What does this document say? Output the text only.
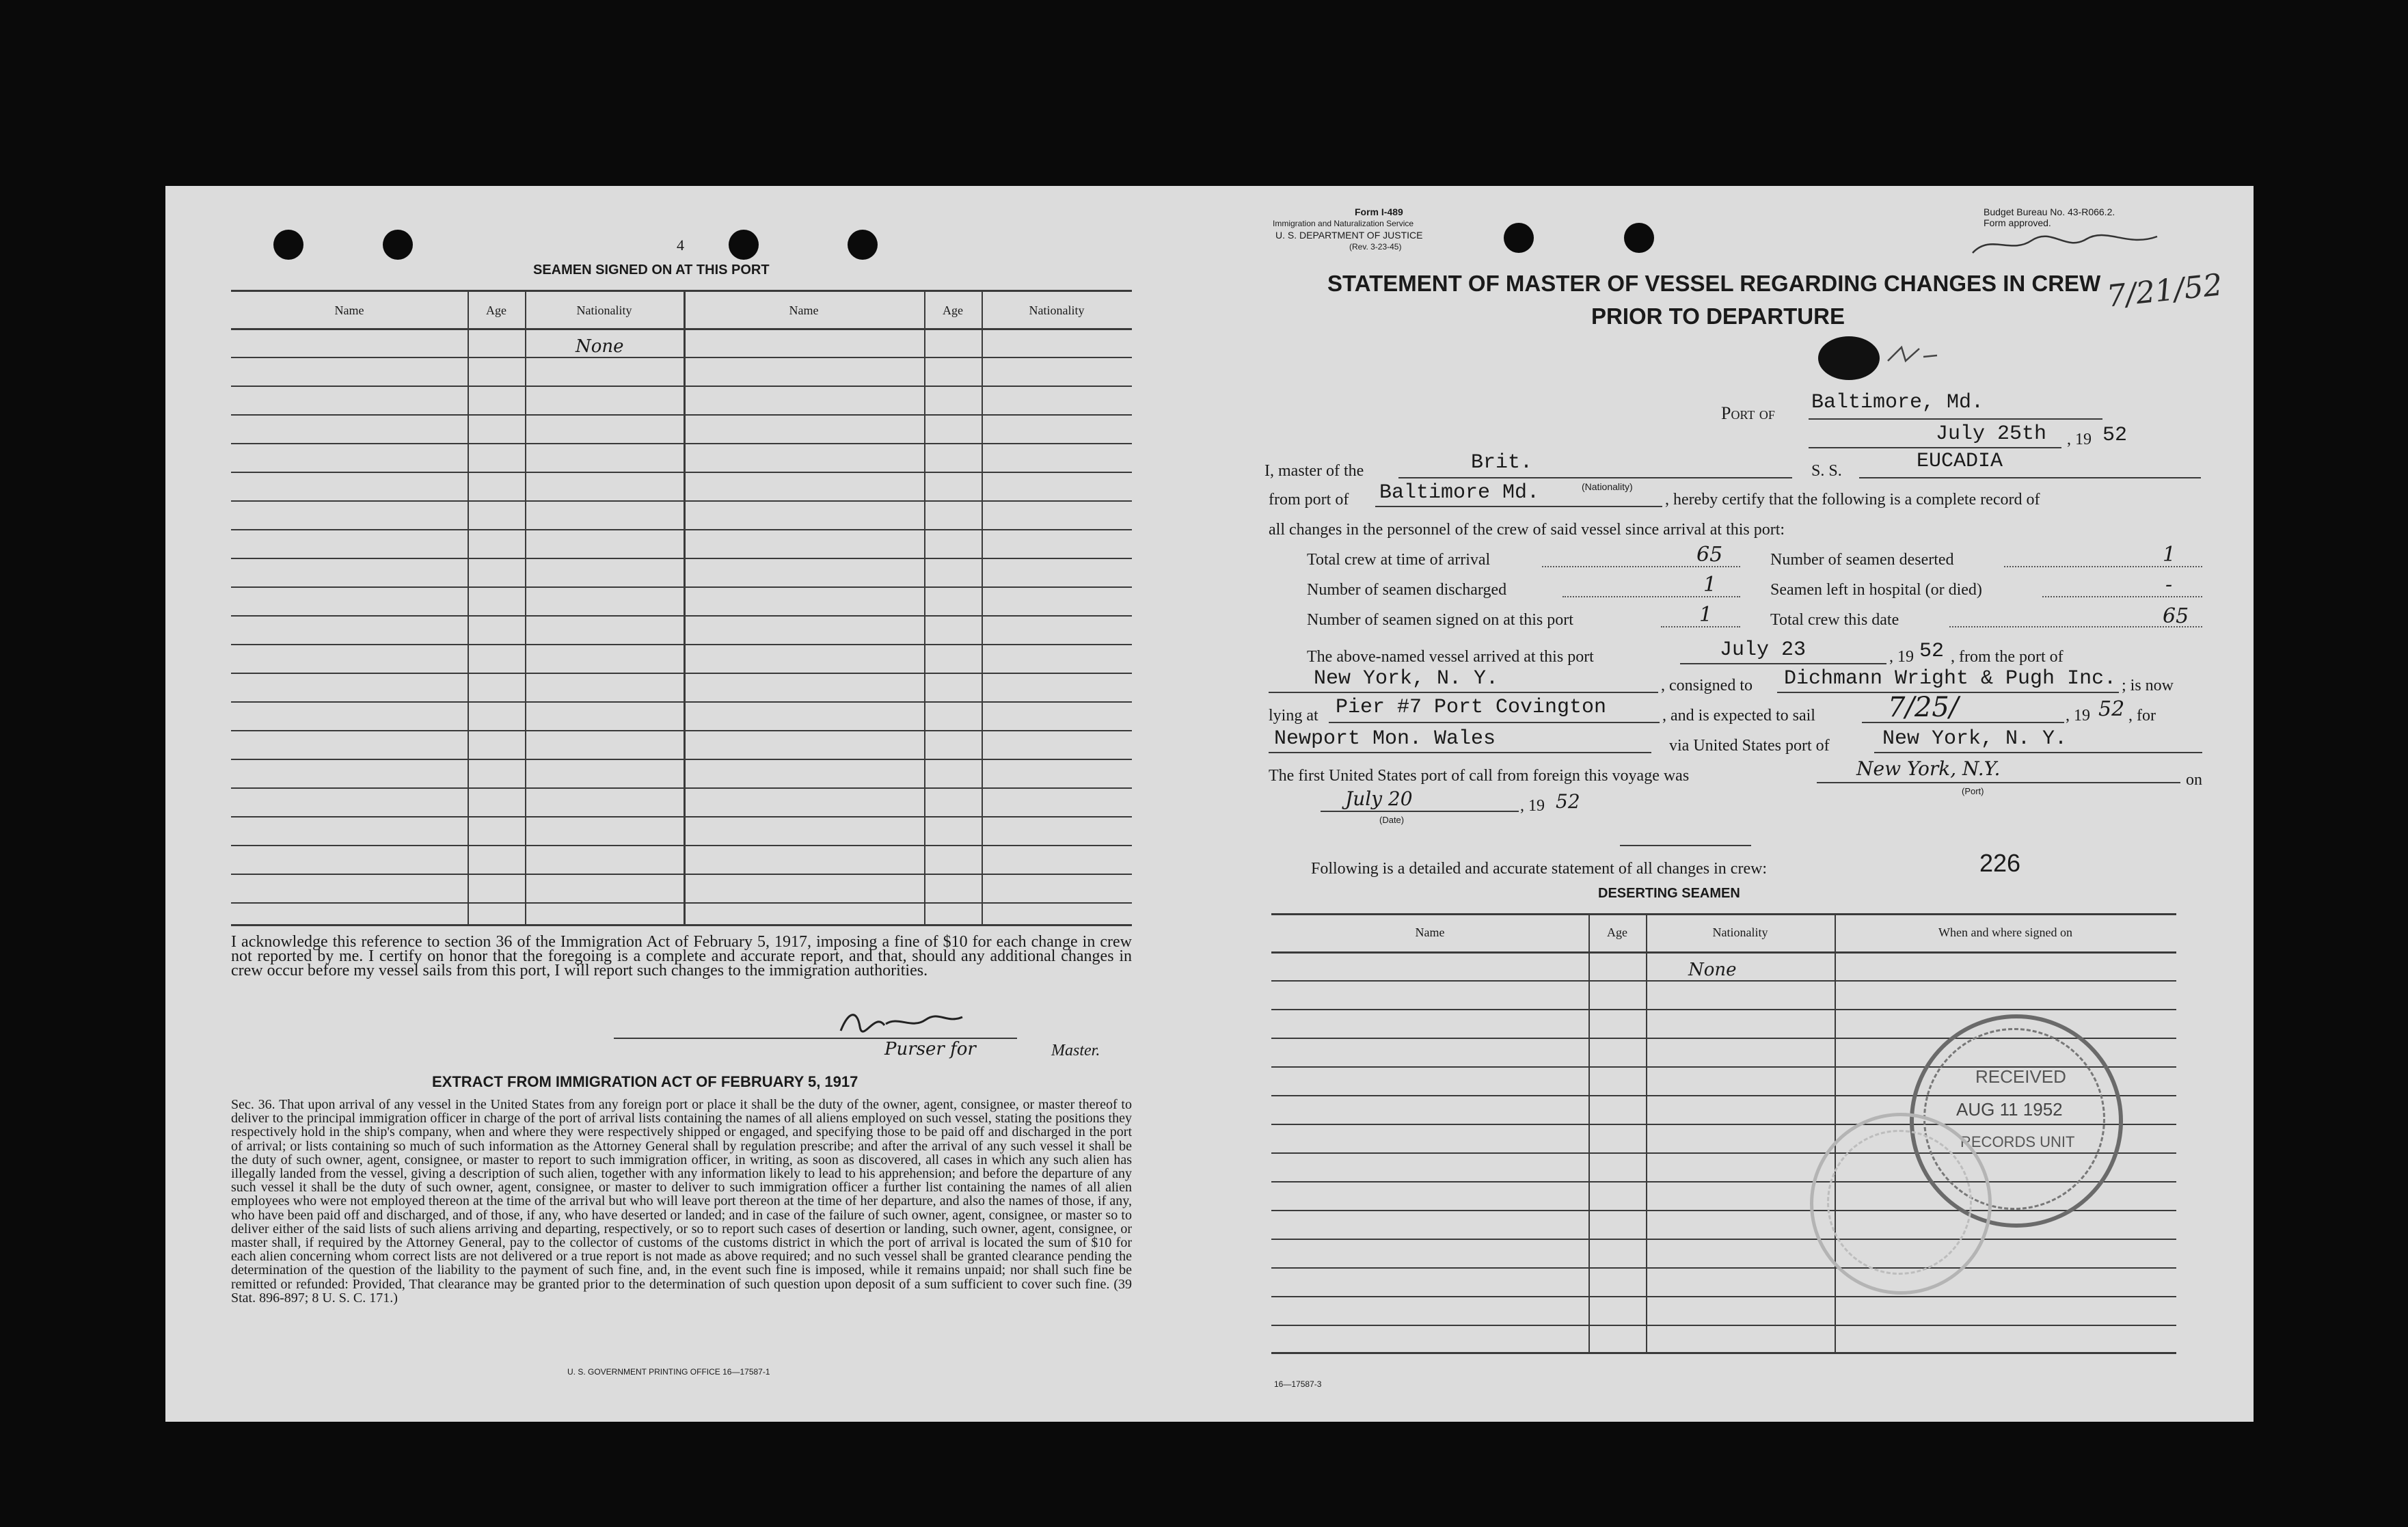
4
SEAMEN SIGNED ON AT THIS PORT
Name	Age	Nationality	Name	Age	Nationality
None
I acknowledge this reference to section 36 of the Immigration Act of February 5, 1917, imposing a fine of $10 for each change in crew not reported by me. I certify on honor that the foregoing is a complete and accurate report, and that, should any additional changes in crew occur before my vessel sails from this port, I will report such changes to the immigration authorities.
Purser for	Master.
EXTRACT FROM IMMIGRATION ACT OF FEBRUARY 5, 1917
Sec. 36. That upon arrival of any vessel in the United States from any foreign port or place it shall be the duty of the owner, agent, consignee, or master thereof to deliver to the principal immigration officer in charge of the port of arrival lists containing the names of all aliens employed on such vessel, stating the positions they respectively hold in the ship's company, when and where they were respectively shipped or engaged, and specifying those to be paid off and discharged in the port of arrival; or lists containing so much of such information as the Attorney General shall by regulation prescribe; and after the arrival of any such vessel it shall be the duty of such owner, agent, consignee, or master to report to such immigration officer, in writing, as soon as discovered, all cases in which any such alien has illegally landed from the vessel, giving a description of such alien, together with any information likely to lead to his apprehension; and before the departure of any such vessel it shall be the duty of such owner, agent, consignee, or master to deliver to such immigration officer a further list containing the names of all alien employees who were not employed thereon at the time of the arrival but who will leave port thereon at the time of her departure, and also the names of those, if any, who have been paid off and discharged, and of those, if any, who have deserted or landed; and in case of the failure of such owner, agent, consignee, or master so to deliver either of the said lists of such aliens arriving and departing, respectively, or so to report such cases of desertion or landing, such owner, agent, consignee, or master shall, if required by the Attorney General, pay to the collector of customs of the customs district in which the port of arrival is located the sum of $10 for each alien concerning whom correct lists are not delivered or a true report is not made as above required; and no such vessel shall be granted clearance pending the determination of the question of the liability to the payment of such fine, and, in the event such fine is imposed, while it remains unpaid; nor shall such fine be remitted or refunded: Provided, That clearance may be granted prior to the determination of such question upon deposit of a sum sufficient to cover such fine. (39 Stat. 896-897; 8 U. S. C. 171.)
U. S. GOVERNMENT PRINTING OFFICE 16—17587-1
Form I-489
Immigration and Naturalization Service
U. S. DEPARTMENT OF JUSTICE
(Rev. 3-23-45)
Budget Bureau No. 43-R066.2.
Form approved.
7/21/52
STATEMENT OF MASTER OF VESSEL REGARDING CHANGES IN CREW
PRIOR TO DEPARTURE
Port of Baltimore, Md.
July 25th , 19 52
I, master of the	Brit.
(Nationality)
S. S.	EUCADIA
from port of Baltimore Md.	, hereby certify that the following is a complete record of
all changes in the personnel of the crew of said vessel since arrival at this port:
Total crew at time of arrival	65	Number of seamen deserted	1
Number of seamen discharged	1	Seamen left in hospital (or died)	-
Number of seamen signed on at this port	1	Total crew this date	65
The above-named vessel arrived at this port	July 23	, 19 52 , from the port of
New York, N. Y.	, consigned to Dichmann Wright & Pugh Inc. ; is now
lying at Pier #7 Port Covington	, and is expected to sail	7/25/	, 19 52 , for
Newport Mon. Wales	via United States port of	New York, N. Y.
The first United States port of call from foreign this voyage was	New York, N.Y.
(Port)
on
July 20
(Date)
, 19 52
Following is a detailed and accurate statement of all changes in crew:	226
DESERTING SEAMEN
Name	Age	Nationality	When and where signed on
None
RECEIVED
AUG 11 1952
RECORDS UNIT
16—17587-3
